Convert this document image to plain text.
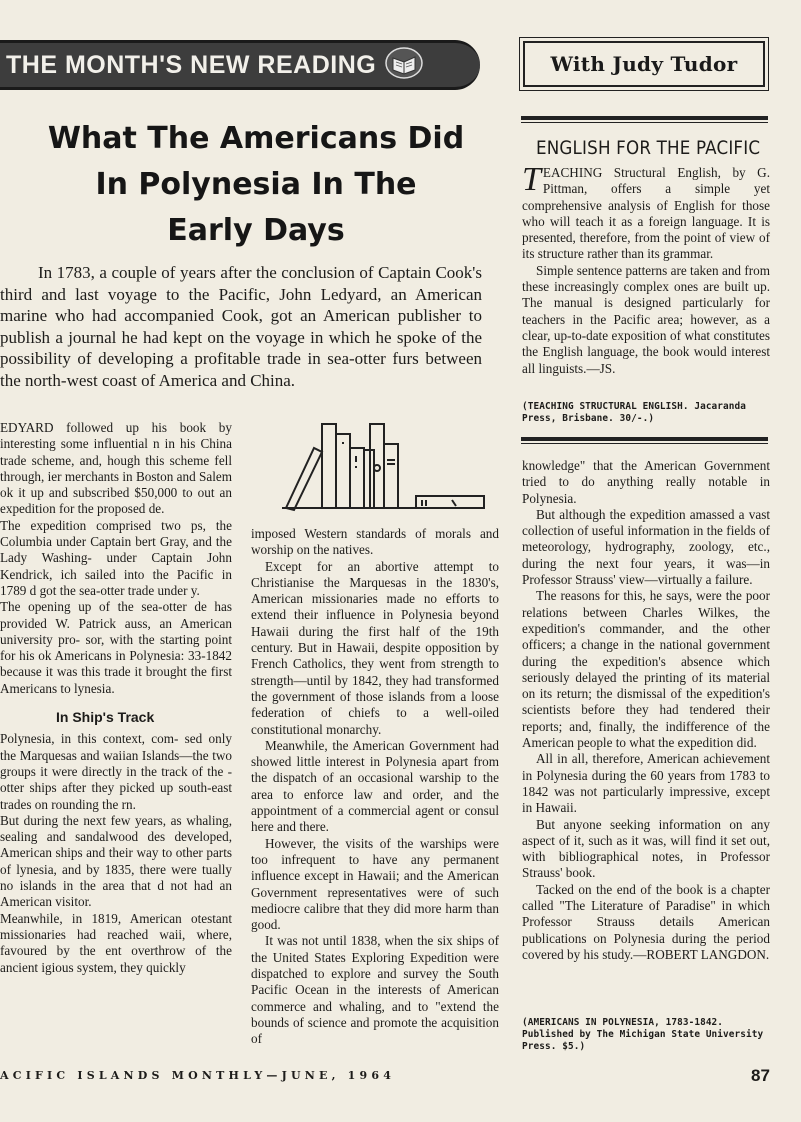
THE MONTH'S NEW READING	With Judy Tudor
What The Americans Did
In Polynesia In The
Early Days

In 1783, a couple of years after the conclusion of Captain Cook's third and last voyage to the Pacific, John Ledyard, an American marine who had accompanied Cook, got an American publisher to publish a journal he had kept on the voyage in which he spoke of the possibility of developing a profitable trade in sea-otter furs between the north-west coast of America and China.

EDYARD followed up his book by interesting some influential n in his China trade scheme, and, hough this scheme fell through, ier merchants in Boston and Salem ok it up and subscribed $50,000 to out an expedition for the proposed de.

The expedition comprised two ps, the Columbia under Captain bert Gray, and the Lady Washing- under Captain John Kendrick, ich sailed into the Pacific in 1789 d got the sea-otter trade under y.

The opening up of the sea-otter de has provided W. Patrick auss, an American university pro- sor, with the starting point for his ok Americans in Polynesia: 33-1842 because it was this trade it brought the first Americans to lynesia.

In Ship's Track

Polynesia, in this context, com- sed only the Marquesas and waiian Islands—the two groups it were directly in the track of the -otter ships after they picked up south-east trades on rounding the rn.

But during the next few years, as whaling, sealing and sandalwood des developed, American ships and their way to other parts of lynesia, and by 1835, there were tually no islands in the area that d not had an American visitor.

Meanwhile, in 1819, American otestant missionaries had reached waii, where, favoured by the ent overthrow of the ancient igious system, they quickly

imposed Western standards of morals and worship on the natives.

Except for an abortive attempt to Christianise the Marquesas in the 1830's, American missionaries made no efforts to extend their influence in Polynesia beyond Hawaii during the first half of the 19th century. But in Hawaii, despite opposition by French Catholics, they went from strength to strength—until by 1842, they had transformed the government of those islands from a loose federation of chiefs to a well-oiled constitutional monarchy.

Meanwhile, the American Government had showed little interest in Polynesia apart from the dispatch of an occasional warship to the area to enforce law and order, and the appointment of a commercial agent or consul here and there.

However, the visits of the warships were too infrequent to have any permanent influence except in Hawaii; and the American Government representatives were of such mediocre calibre that they did more harm than good.

It was not until 1838, when the six ships of the United States Exploring Expedition were dispatched to explore and survey the South Pacific Ocean in the interests of American commerce and whaling, and to "extend the bounds of science and promote the acquisition of

ENGLISH FOR THE PACIFIC

TEACHING Structural English, by G. Pittman, offers a simple yet comprehensive analysis of English for those who will teach it as a foreign language. It is presented, therefore, from the point of view of its structure rather than its grammar.

Simple sentence patterns are taken and from these increasingly complex ones are built up. The manual is designed particularly for teachers in the Pacific area; however, as a clear, up-to-date exposition of what constitutes the English language, the book would interest all linguists.—JS.

(TEACHING STRUCTURAL ENGLISH. Jacaranda Press, Brisbane. 30/-.)

knowledge" that the American Government tried to do anything really notable in Polynesia.

But although the expedition amassed a vast collection of useful information in the fields of meteorology, hydrography, zoology, etc., during the next four years, it was—in Professor Strauss' view—virtually a failure.

The reasons for this, he says, were the poor relations between Charles Wilkes, the expedition's commander, and the other officers; a change in the national government during the expedition's absence which seriously delayed the printing of its material on its return; the dismissal of the expedition's scientists before they had tendered their reports; and, finally, the indifference of the American people to what the expedition did.

All in all, therefore, American achievement in Polynesia during the 60 years from 1783 to 1842 was not particularly impressive, except in Hawaii.

But anyone seeking information on any aspect of it, such as it was, will find it set out, with bibliographical notes, in Professor Strauss' book.

Tacked on the end of the book is a chapter called "The Literature of Paradise" in which Professor Strauss details American publications on Polynesia during the period covered by his study.—ROBERT LANGDON.

(AMERICANS IN POLYNESIA, 1783-1842. Published by The Michigan State University Press. $5.)
ACIFIC ISLANDS MONTHLY—JUNE, 1964	87
